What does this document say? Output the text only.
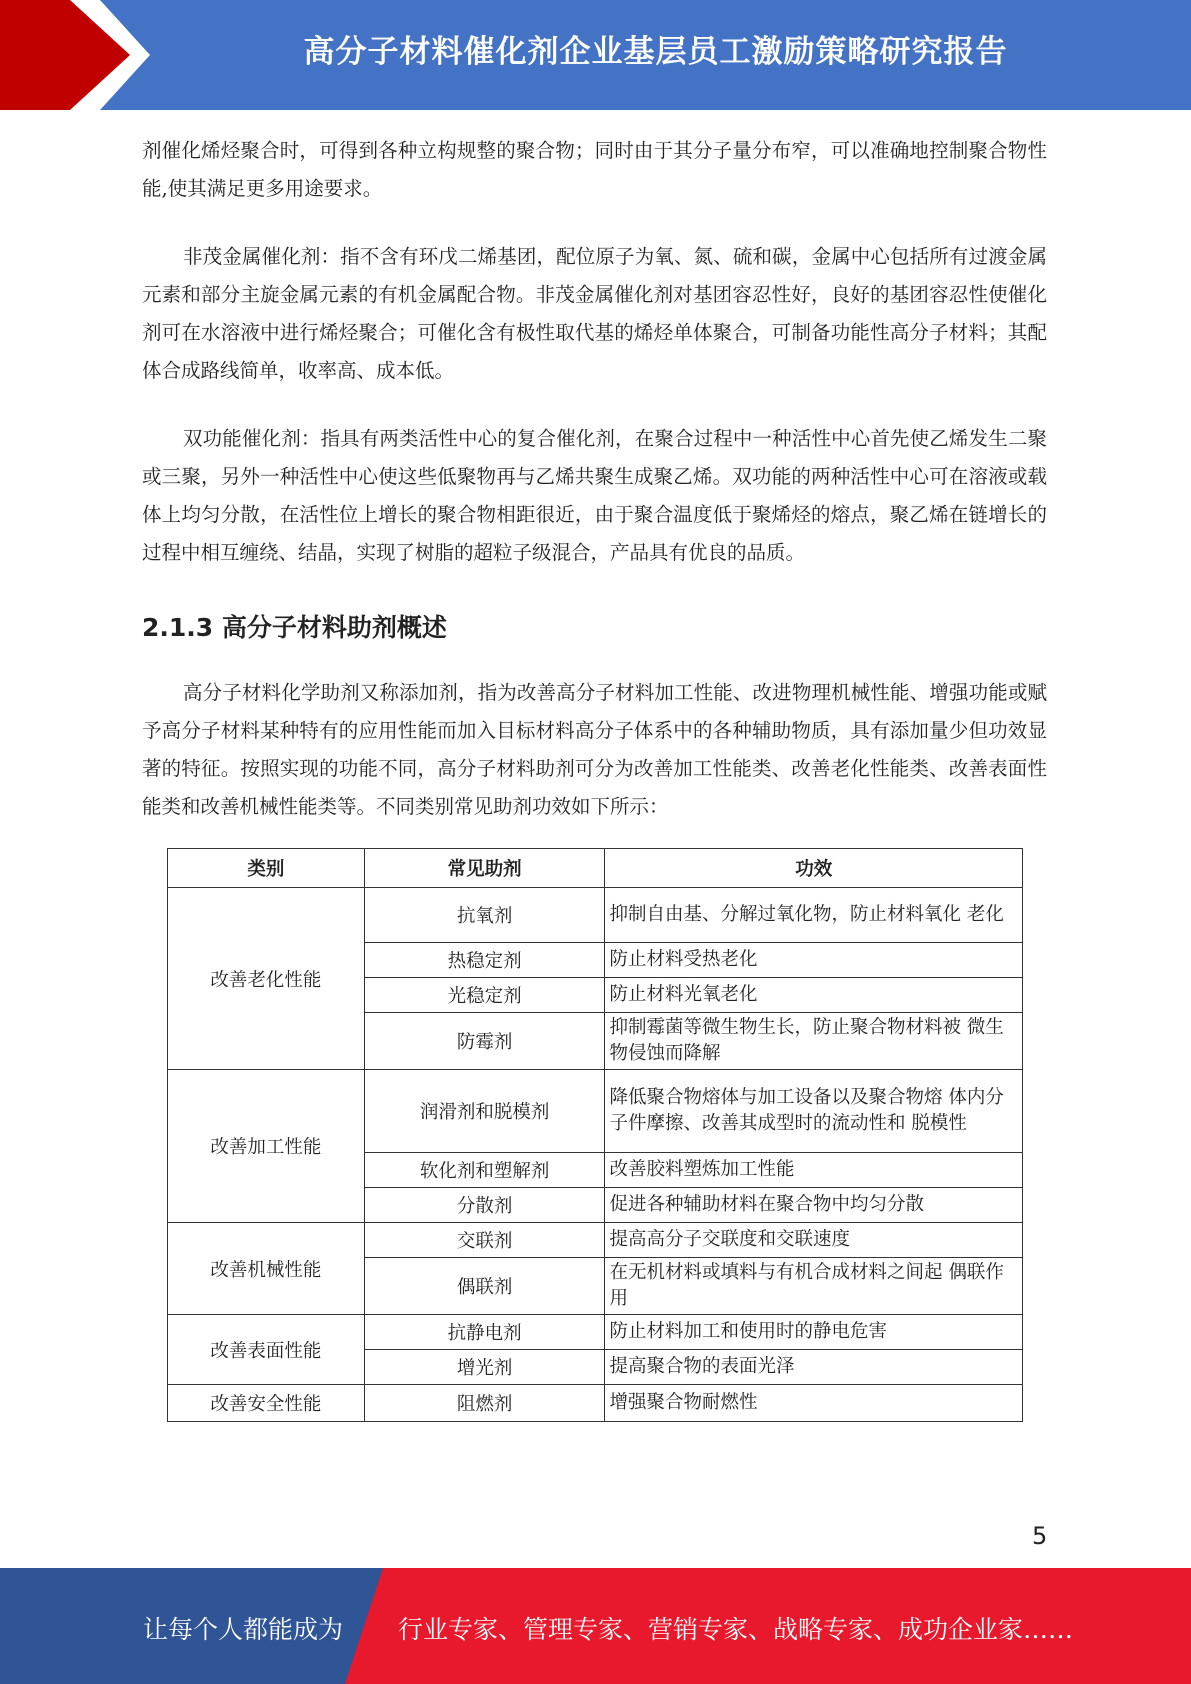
高分子材料催化剂企业基层员工激励策略研究报告

剂催化烯烃聚合时，可得到各种立构规整的聚合物；同时由于其分子量分布窄，可以准确地控制聚合物性能,使其满足更多用途要求。

非茂金属催化剂：指不含有环戊二烯基团，配位原子为氧、氮、硫和碳，金属中心包括所有过渡金属元素和部分主旋金属元素的有机金属配合物。非茂金属催化剂对基团容忍性好，良好的基团容忍性使催化剂可在水溶液中进行烯烃聚合；可催化含有极性取代基的烯烃单体聚合，可制备功能性高分子材料；其配体合成路线简单，收率高、成本低。

双功能催化剂：指具有两类活性中心的复合催化剂，在聚合过程中一种活性中心首先使乙烯发生二聚或三聚，另外一种活性中心使这些低聚物再与乙烯共聚生成聚乙烯。双功能的两种活性中心可在溶液或载体上均匀分散，在活性位上增长的聚合物相距很近，由于聚合温度低于聚烯烃的熔点，聚乙烯在链增长的过程中相互缠绕、结晶，实现了树脂的超粒子级混合，产品具有优良的品质。

2.1.3 高分子材料助剂概述

高分子材料化学助剂又称添加剂，指为改善高分子材料加工性能、改进物理机械性能、增强功能或赋予高分子材料某种特有的应用性能而加入目标材料高分子体系中的各种辅助物质，具有添加量少但功效显著的特征。按照实现的功能不同，高分子材料助剂可分为改善加工性能类、改善老化性能类、改善表面性能类和改善机械性能类等。不同类别常见助剂功效如下所示：

类别	常见助剂	功效
改善老化性能	抗氧剂	抑制自由基、分解过氧化物，防止材料氧化 老化
	热稳定剂	防止材料受热老化
	光稳定剂	防止材料光氧老化
	防霉剂	抑制霉菌等微生物生长，防止聚合物材料被 微生物侵蚀而降解
改善加工性能	润滑剂和脱模剂	降低聚合物熔体与加工设备以及聚合物熔 体内分子件摩擦、改善其成型时的流动性和 脱模性
	软化剂和塑解剂	改善胶料塑炼加工性能
	分散剂	促进各种辅助材料在聚合物中均匀分散
改善机械性能	交联剂	提高高分子交联度和交联速度
	偶联剂	在无机材料或填料与有机合成材料之间起 偶联作用
改善表面性能	抗静电剂	防止材料加工和使用时的静电危害
	增光剂	提高聚合物的表面光泽
改善安全性能	阻燃剂	增强聚合物耐燃性
5
让每个人都能成为 行业专家、管理专家、营销专家、战略专家、成功企业家……
